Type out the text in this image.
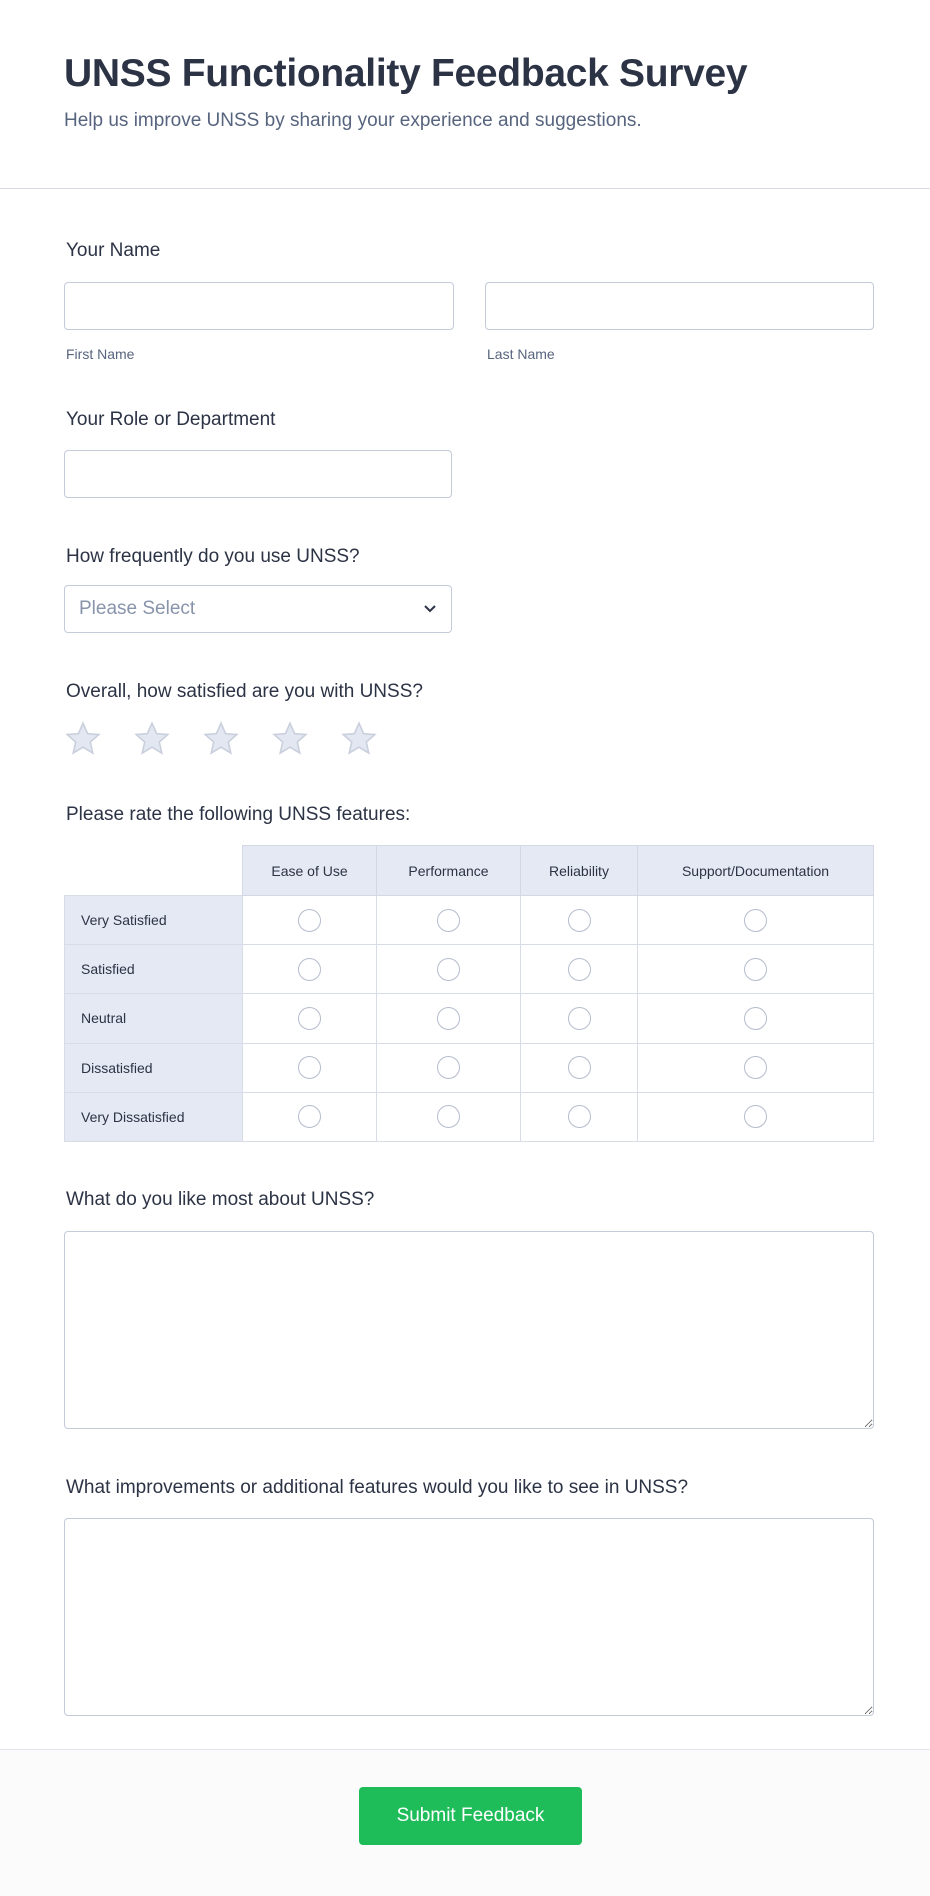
UNSS Functionality Feedback Survey
Help us improve UNSS by sharing your experience and suggestions.
Your Name
First Name	Last Name
Your Role or Department
How frequently do you use UNSS?
Please Select
Overall, how satisfied are you with UNSS?
Please rate the following UNSS features:
	Ease of Use	Performance	Reliability	Support/Documentation
Very Satisfied				
Satisfied				
Neutral				
Dissatisfied				
Very Dissatisfied				
What do you like most about UNSS?
What improvements or additional features would you like to see in UNSS?
Submit Feedback
